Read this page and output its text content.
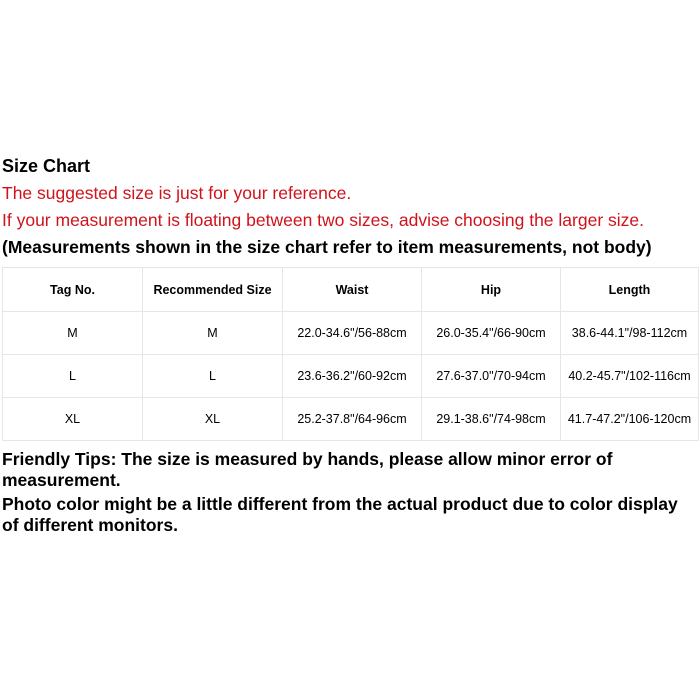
Size Chart
The suggested size is just for your reference.
If your measurement is floating between two sizes, advise choosing the larger size.
(Measurements shown in the size chart refer to item measurements, not body)
Tag No.	Recommended Size	Waist	Hip	Length
M	M	22.0-34.6"/56-88cm	26.0-35.4"/66-90cm	38.6-44.1"/98-112cm
L	L	23.6-36.2"/60-92cm	27.6-37.0"/70-94cm	40.2-45.7"/102-116cm
XL	XL	25.2-37.8"/64-96cm	29.1-38.6"/74-98cm	41.7-47.2"/106-120cm

Friendly Tips: The size is measured by hands, please allow minor error of measurement.

Photo color might be a little different from the actual product due to color display of different monitors.
